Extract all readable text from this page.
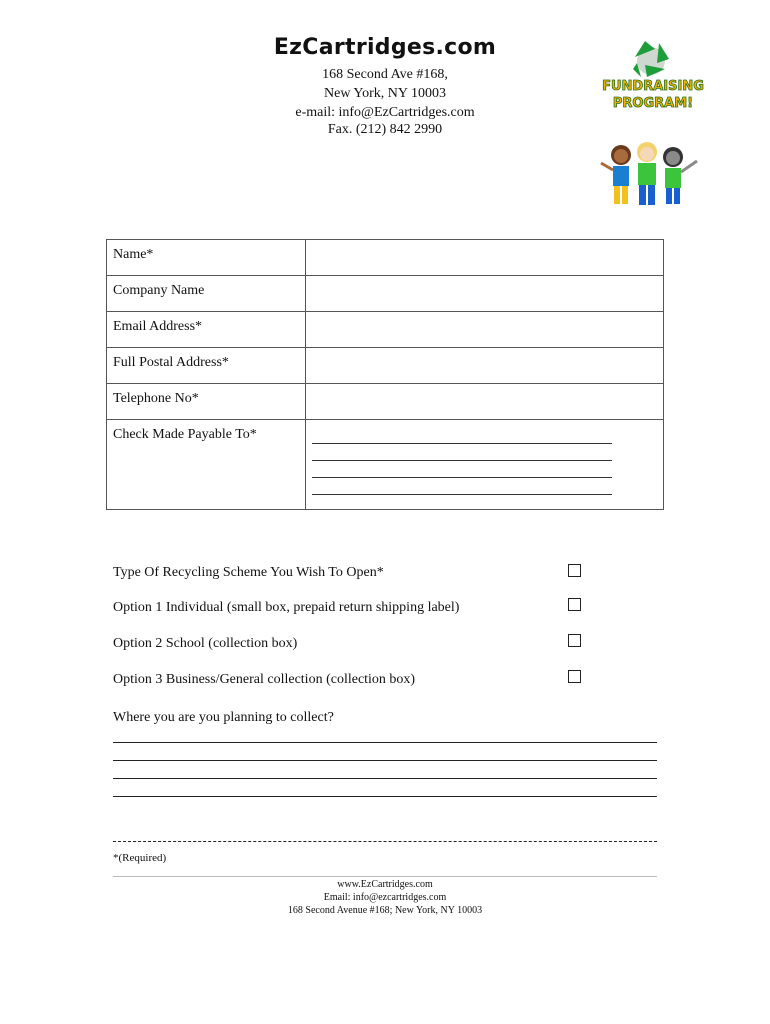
EzCartridges.com
168 Second Ave #168,
New York, NY 10003
e-mail: info@EzCartridges.com
Fax. (212) 842 2990
FUNDRAISING
PROGRAM!
Name*	
Company Name	
Email Address*	
Full Postal Address*	
Telephone No*	
Check Made Payable To*	
Type Of Recycling Scheme You Wish To Open*
Option 1 Individual (small box, prepaid return shipping label)
Option 2 School (collection box)
Option 3 Business/General collection (collection box)
Where you are you planning to collect?
*(Required)
www.EzCartridges.com
Email: info@ezcartridges.com
168 Second Avenue #168; New York, NY 10003
